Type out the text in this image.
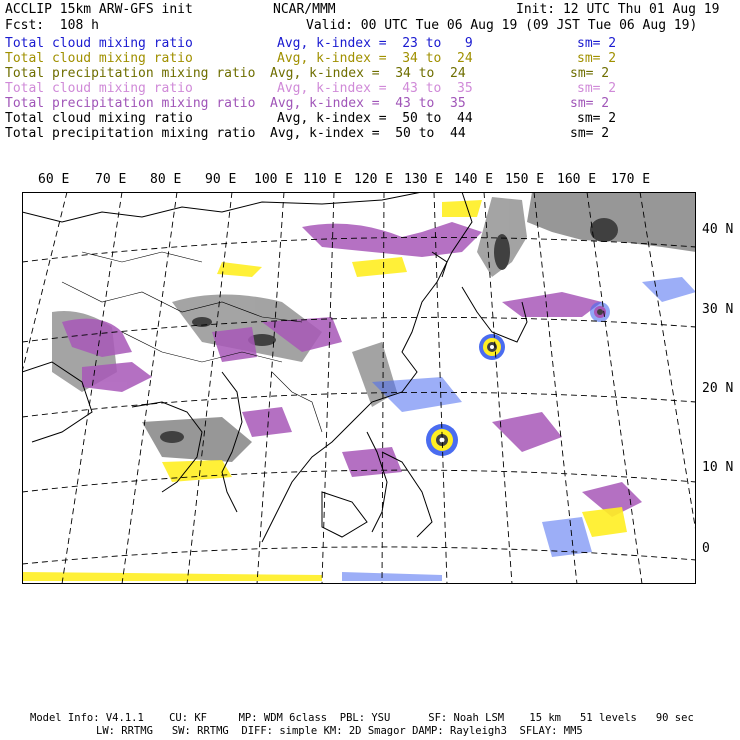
ACCLIP 15km ARW-GFS init	NCAR/MMM	Init: 12 UTC Thu 01 Aug 19
Fcst:  108 h	Valid: 00 UTC Tue 06 Aug 19 (09 JST Tue 06 Aug 19)
Total cloud mixing ratio	Avg, k-index =  23 to   9	sm= 2
Total cloud mixing ratio	Avg, k-index =  34 to  24	sm= 2
Total precipitation mixing ratio Avg, k-index =  34 to  24	sm= 2
Total cloud mixing ratio	Avg, k-index =  43 to  35	sm= 2
Total precipitation mixing ratio Avg, k-index =  43 to  35	sm= 2
Total cloud mixing ratio	Avg, k-index =  50 to  44	sm= 2
Total precipitation mixing ratio Avg, k-index =  50 to  44	sm= 2
60 E 70 E 80 E 90 E 100 E 110 E 120 E 130 E 140 E 150 E 160 E 170 E
40 N
30 N
20 N
10 N
0
Model Info: V4.1.1    CU: KF     MP: WDM 6class  PBL: YSU      SF: Noah LSM    15 km   51 levels   90 sec
LW: RRTMG   SW: RRTMG  DIFF: simple KM: 2D Smagor DAMP: Rayleigh3  SFLAY: MM5
